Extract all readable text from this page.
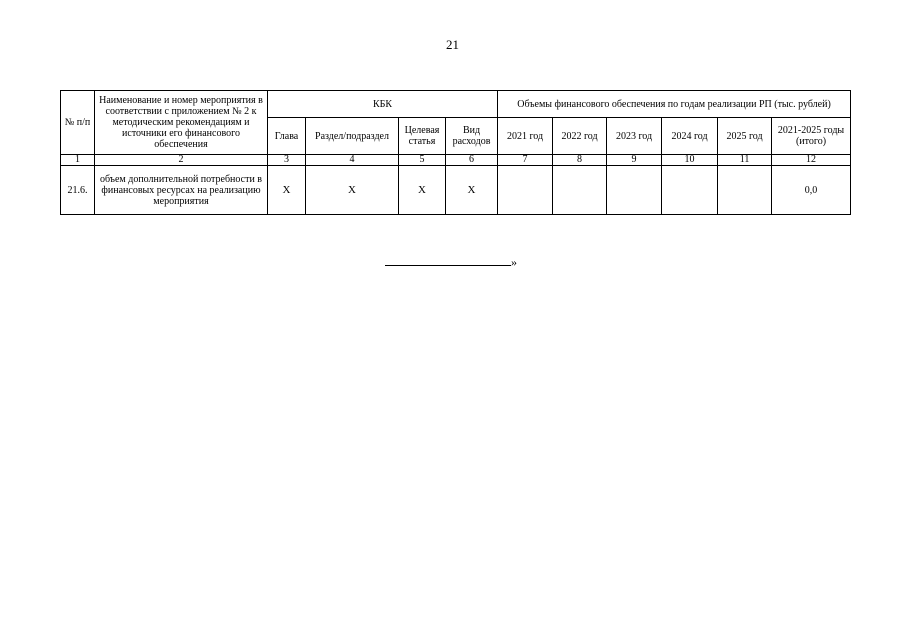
21
№ п/п	Наименование и номер мероприятия в соответствии с приложением № 2 к методическим рекомендациям и источники его финансового обеспечения	КБК				Объемы финансового обеспечения по годам реализации РП (тыс. рублей)					
		Глава	Раздел/подраздел	Целевая статья	Вид расходов	2021 год	2022 год	2023 год	2024 год	2025 год	2021-2025 годы (итого)
1	2	3	4	5	6	7	8	9	10	11	12
21.6.	объем дополнительной потребности в финансовых ресурсах на реализацию мероприятия	X	X	X	X						0,0
»
